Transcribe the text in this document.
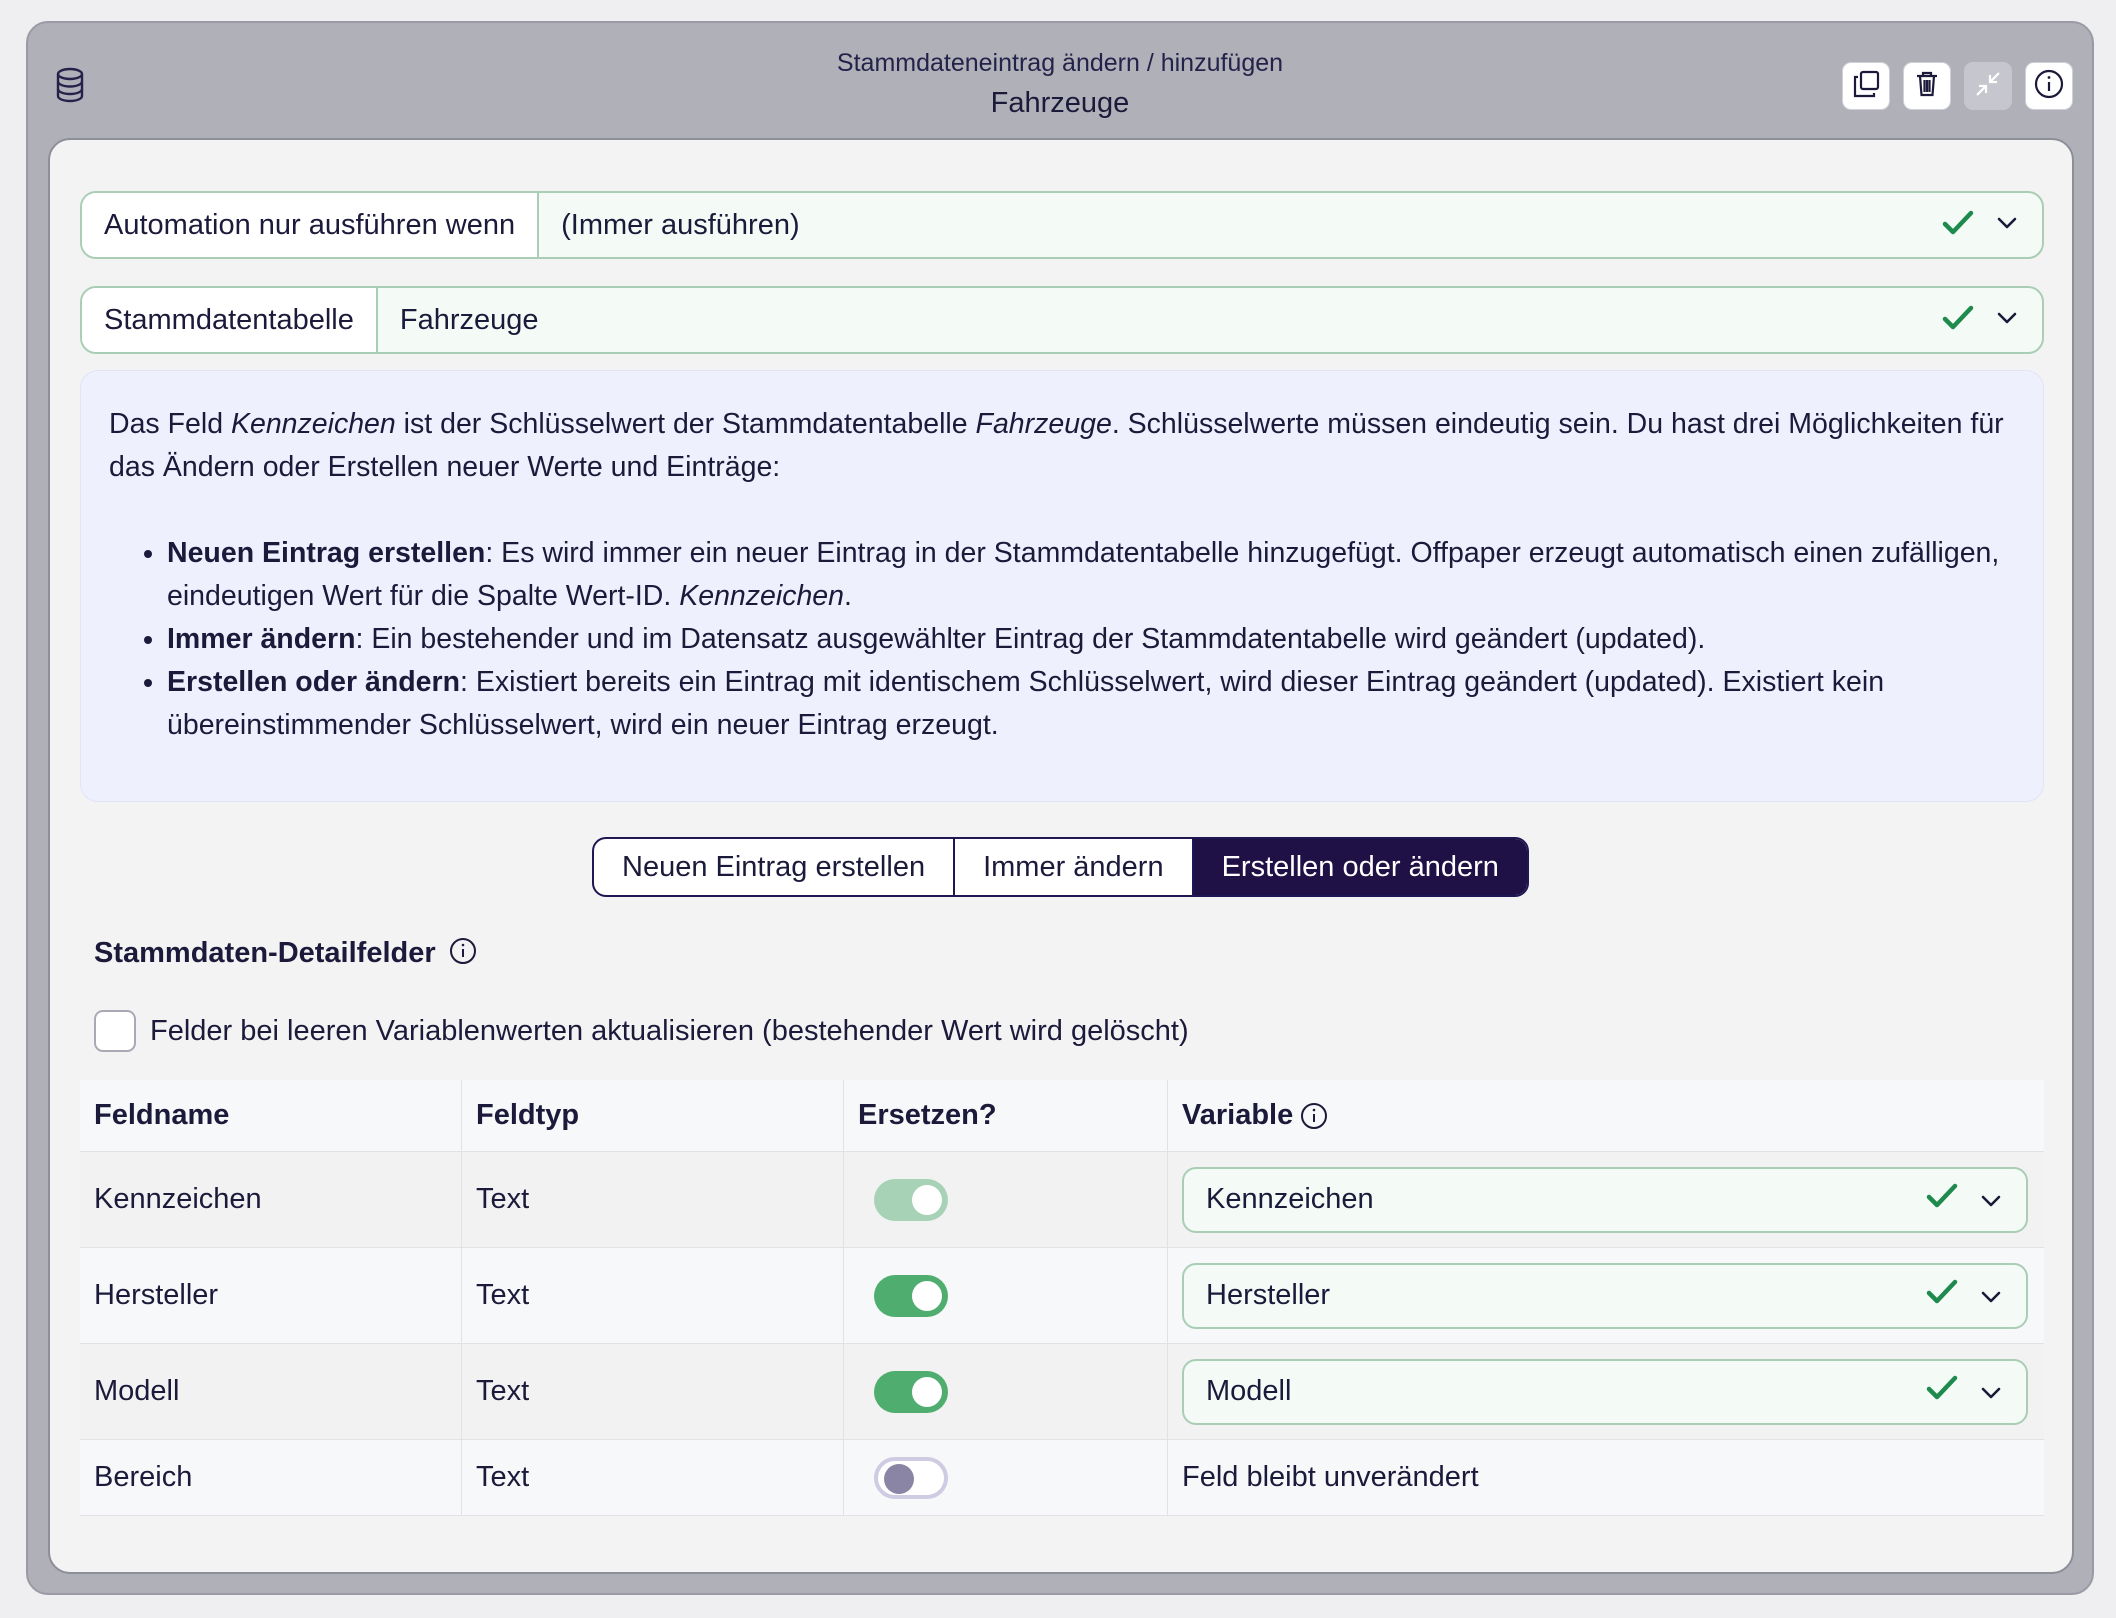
Stammdateneintrag ändern / hinzufügen
Fahrzeuge
Automation nur ausführen wenn	(Immer ausführen)
Stammdatentabelle	Fahrzeuge

Das Feld Kennzeichen ist der Schlüsselwert der Stammdatentabelle Fahrzeuge. Schlüsselwerte müssen eindeutig sein. Du hast drei Möglichkeiten für das Ändern oder Erstellen neuer Werte und Einträge:

• Neuen Eintrag erstellen: Es wird immer ein neuer Eintrag in der Stammdatentabelle hinzugefügt. Offpaper erzeugt automatisch einen zufälligen, eindeutigen Wert für die Spalte Wert-ID. Kennzeichen.
• Immer ändern: Ein bestehender und im Datensatz ausgewählter Eintrag der Stammdatentabelle wird geändert (updated).
• Erstellen oder ändern: Existiert bereits ein Eintrag mit identischem Schlüsselwert, wird dieser Eintrag geändert (updated). Existiert kein übereinstimmender Schlüsselwert, wird ein neuer Eintrag erzeugt.
Neuen Eintrag erstellen	Immer ändern	Erstellen oder ändern
Stammdaten-Detailfelder
Felder bei leeren Variablenwerten aktualisieren (bestehender Wert wird gelöscht)
Feldname	Feldtyp	Ersetzen?	Variable
Kennzeichen	Text	Kennzeichen
Hersteller	Text	Hersteller
Modell	Text	Modell
Bereich	Text	Feld bleibt unverändert
